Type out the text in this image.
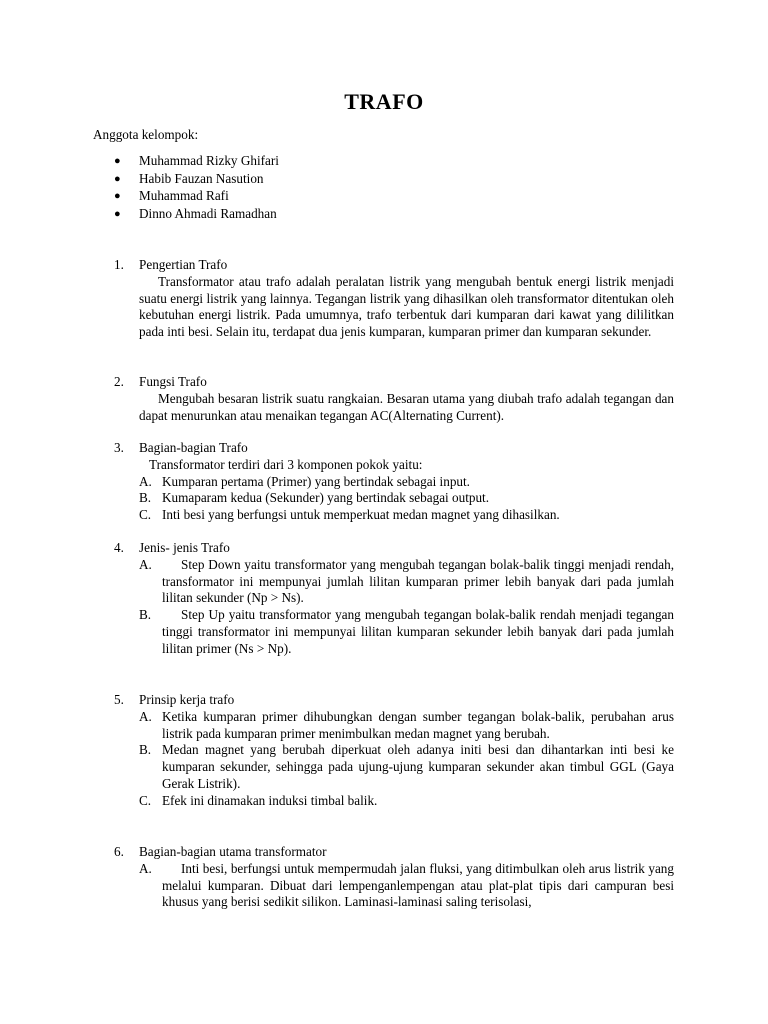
TRAFO
Anggota kelompok:
● Muhammad Rizky Ghifari
● Habib Fauzan Nasution
● Muhammad Rafi
● Dinno Ahmadi Ramadhan
1. Pengertian Trafo
Transformator atau trafo adalah peralatan listrik yang mengubah bentuk energi listrik menjadi suatu energi listrik yang lainnya. Tegangan listrik yang dihasilkan oleh transformator ditentukan oleh kebutuhan energi listrik. Pada umumnya, trafo terbentuk dari kumparan dari kawat yang dililitkan pada inti besi. Selain itu, terdapat dua jenis kumparan, kumparan primer dan kumparan sekunder.
2. Fungsi Trafo
Mengubah besaran listrik suatu rangkaian. Besaran utama yang diubah trafo adalah tegangan dan dapat menurunkan atau menaikan tegangan AC(Alternating Current).
3. Bagian-bagian Trafo
Transformator terdiri dari 3 komponen pokok yaitu:
A. Kumparan pertama (Primer) yang bertindak sebagai input.
B. Kumaparam kedua (Sekunder) yang bertindak sebagai output.
C. Inti besi yang berfungsi untuk memperkuat medan magnet yang dihasilkan.
4. Jenis- jenis Trafo
A.	Step Down yaitu transformator yang mengubah tegangan bolak-balik tinggi menjadi rendah, transformator ini mempunyai jumlah lilitan kumparan primer lebih banyak dari pada jumlah lilitan sekunder (Np > Ns).
B.	Step Up yaitu transformator yang mengubah tegangan bolak-balik rendah menjadi tegangan tinggi transformator ini mempunyai lilitan kumparan sekunder lebih banyak dari pada jumlah lilitan primer (Ns > Np).
5. Prinsip kerja trafo
A. Ketika kumparan primer dihubungkan dengan sumber tegangan bolak-balik, perubahan arus listrik pada kumparan primer menimbulkan medan magnet yang berubah.
B. Medan magnet yang berubah diperkuat oleh adanya initi besi dan dihantarkan inti besi ke kumparan sekunder, sehingga pada ujung-ujung kumparan sekunder akan timbul GGL (Gaya Gerak Listrik).
C. Efek ini dinamakan induksi timbal balik.
6. Bagian-bagian utama transformator
A.	Inti besi, berfungsi untuk mempermudah jalan fluksi, yang ditimbulkan oleh arus listrik yang melalui kumparan. Dibuat dari lempenganlempengan atau plat-plat tipis dari campuran besi khusus yang berisi sedikit silikon. Laminasi-laminasi saling terisolasi,
